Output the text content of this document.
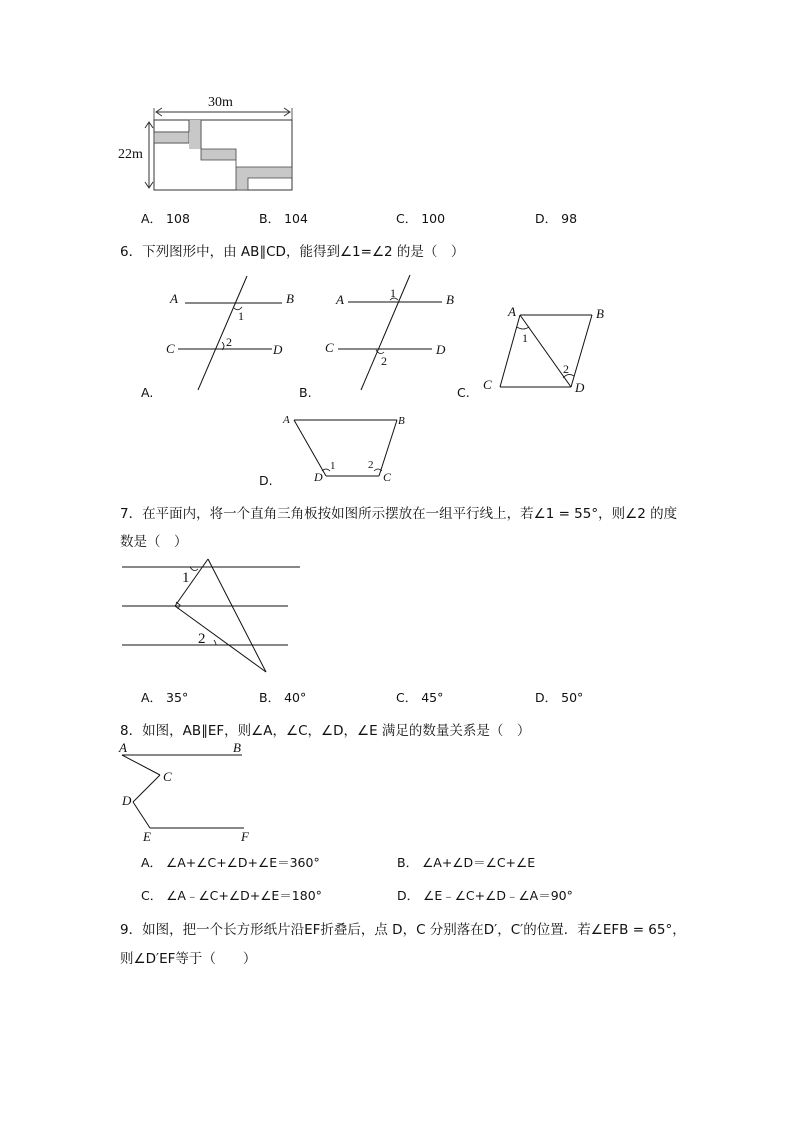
30m
22m
A． 108	B． 104	C． 100	D． 98
6．下列图形中，由 AB∥CD，能得到∠1=∠2 的是（　）
A	B
C	D
1
2
A.
A	B
C	D
1
2
B.
A	B
C	D
1
2
C.
A	B
D	C
1	2
D.
7．在平面内，将一个直角三角板按如图所示摆放在一组平行线上，若∠1 = 55°，则∠2 的度
数是（　）
1
2
A． 35°	B． 40°	C． 45°	D． 50°
8．如图，AB∥EF，则∠A，∠C，∠D，∠E 满足的数量关系是（　）
A	B
C
D
E	F
A． ∠A+∠C+∠D+∠E＝360°	B． ∠A+∠D＝∠C+∠E
C． ∠A﹣∠C+∠D+∠E＝180°	D． ∠E﹣∠C+∠D﹣∠A＝90°
9．如图，把一个长方形纸片沿EF折叠后，点 D，C 分别落在D′，C′的位置．若∠EFB = 65°，
则∠D′EF等于（　　）
